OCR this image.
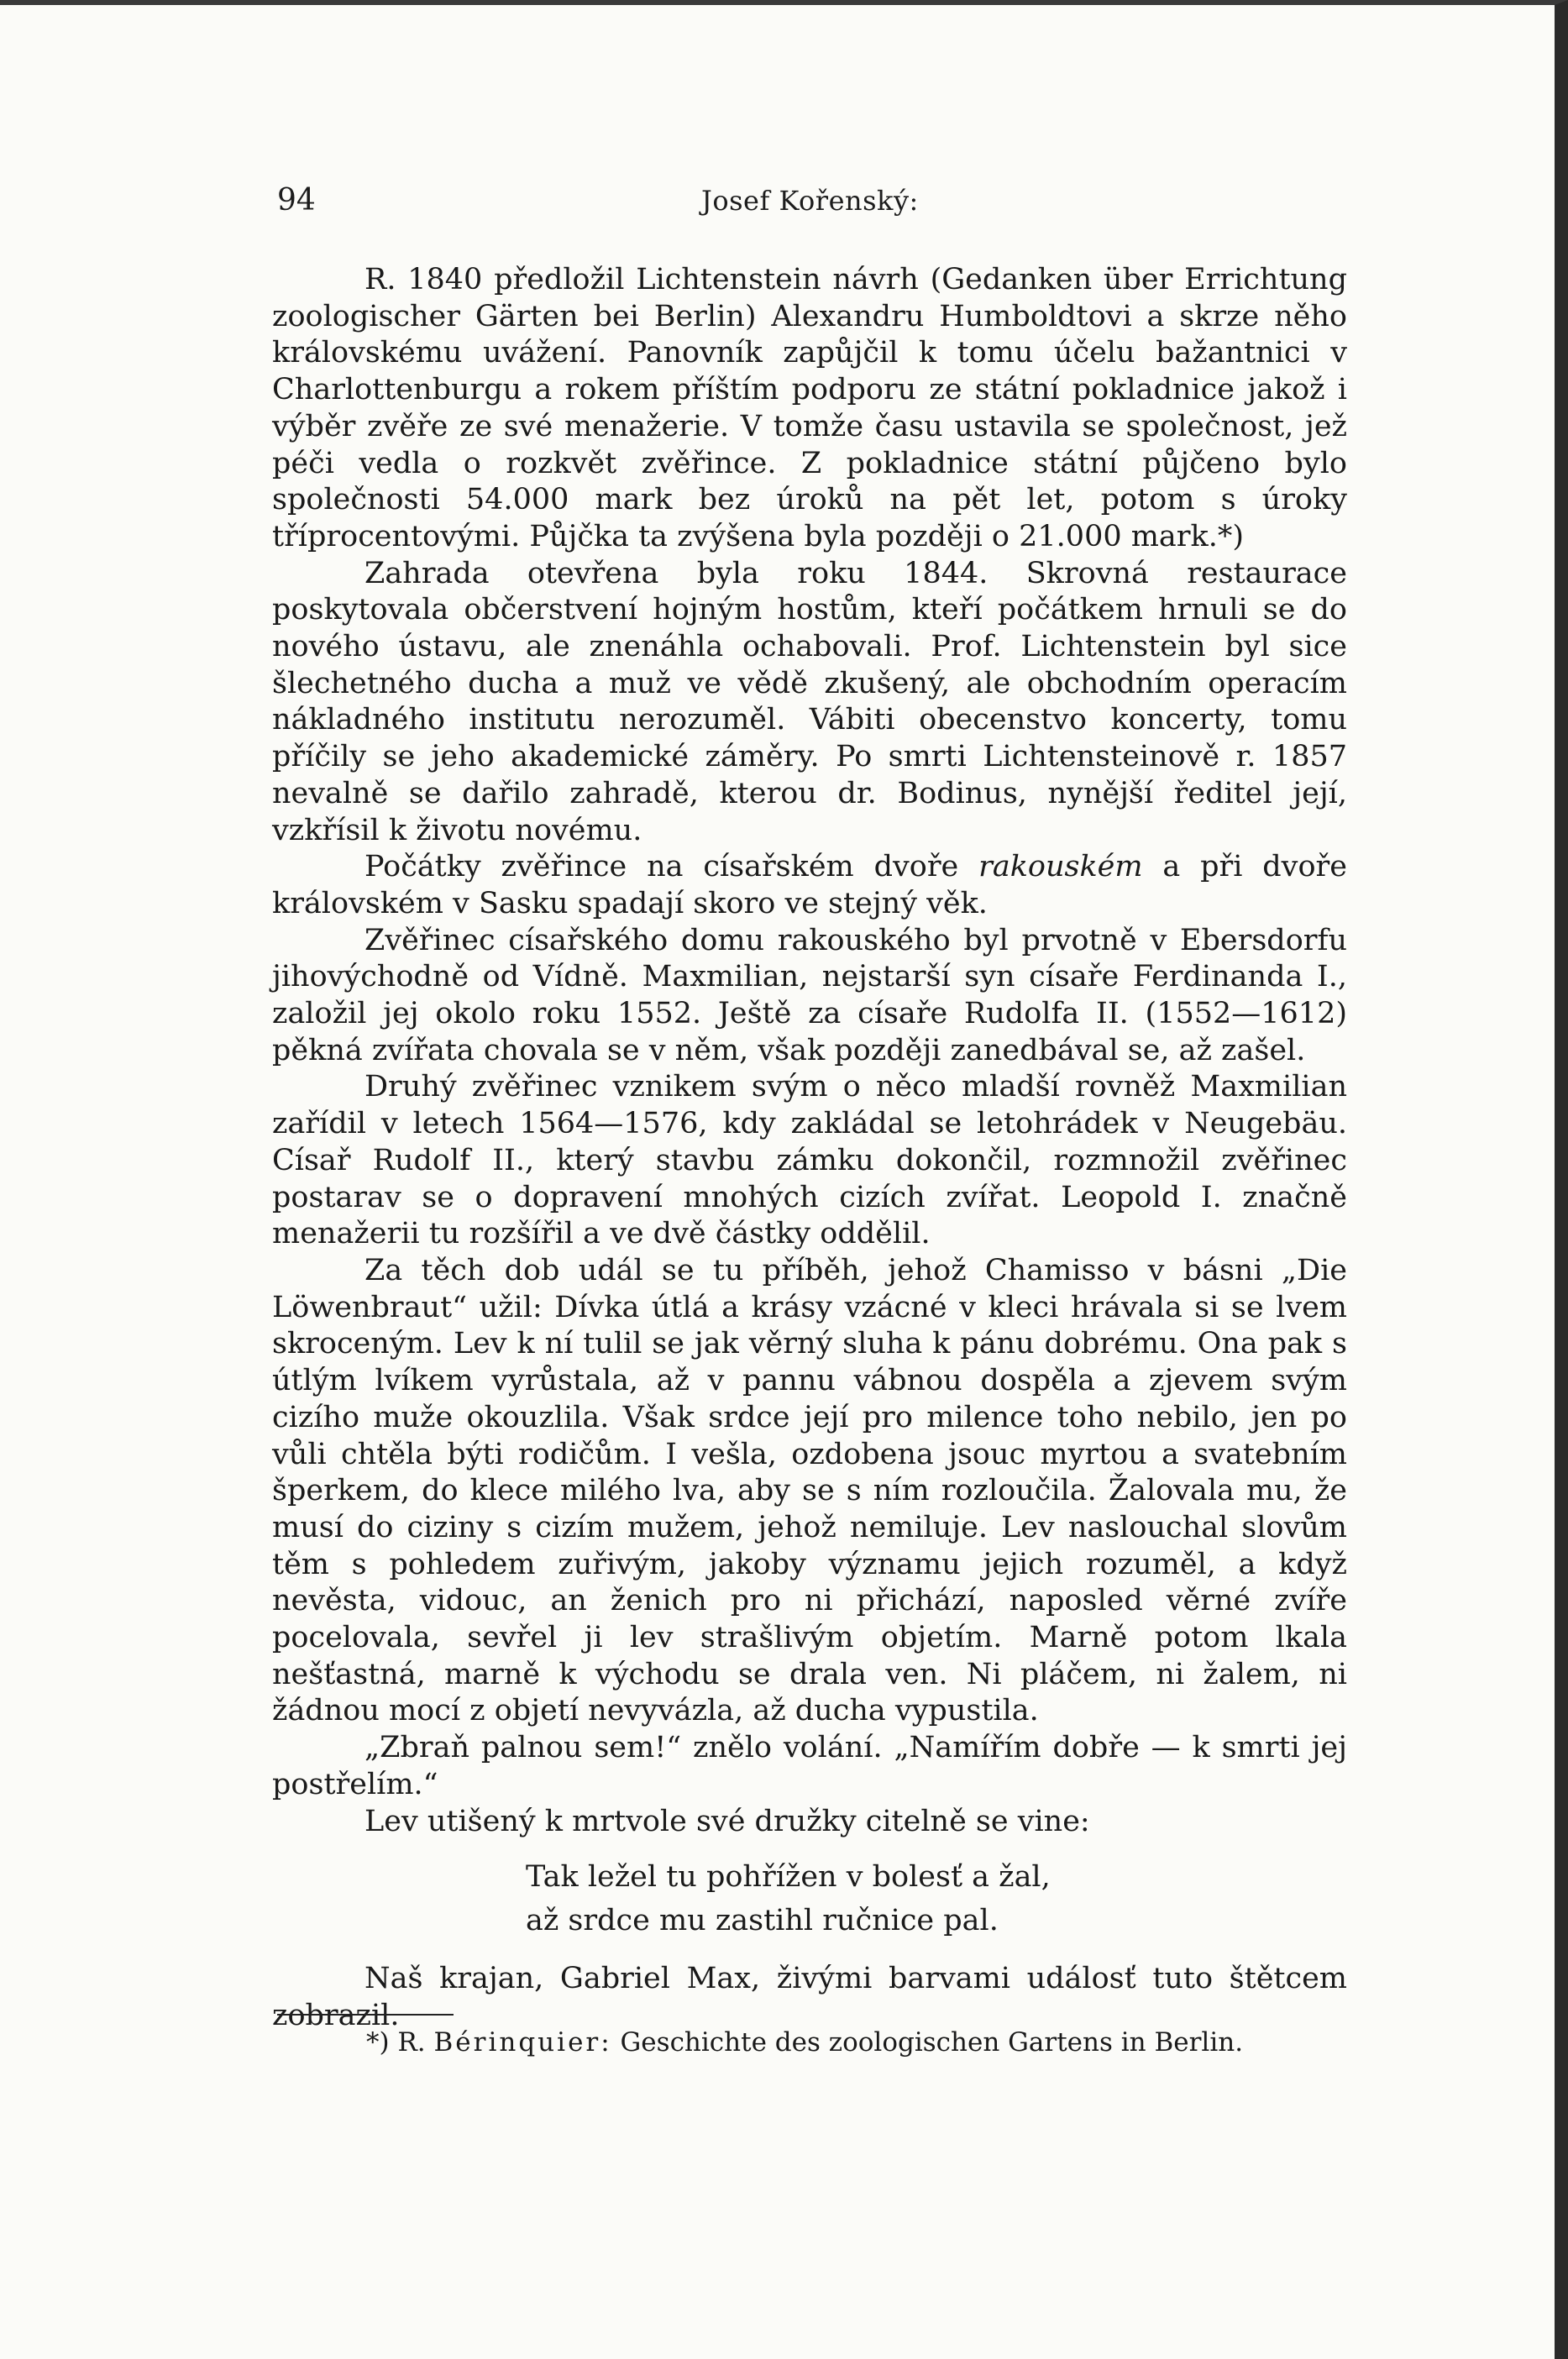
94	Josef Kořenský:

R. 1840 předložil Lichtenstein návrh (Gedanken über Errichtung zoologischer Gärten bei Berlin) Alexandru Humboldtovi a skrze něho královskému uvážení. Panovník zapůjčil k tomu účelu bažantnici v Charlottenburgu a rokem příštím podporu ze státní pokladnice jakož i výběr zvěře ze své menažerie. V tomže času ustavila se společnost, jež péči vedla o rozkvět zvěřince. Z pokladnice státní půjčeno bylo společnosti 54.000 mark bez úroků na pět let, potom s úroky tříprocentovými. Půjčka ta zvýšena byla později o 21.000 mark.*)

Zahrada otevřena byla roku 1844. Skrovná restaurace poskytovala občerstvení hojným hostům, kteří počátkem hrnuli se do nového ústavu, ale znenáhla ochabovali. Prof. Lichtenstein byl sice šlechetného ducha a muž ve vědě zkušený, ale obchodním operacím nákladného institutu nerozuměl. Vábiti obecenstvo koncerty, tomu příčily se jeho akademické záměry. Po smrti Lichtensteinově r. 1857 nevalně se dařilo zahradě, kterou dr. Bodinus, nynější ředitel její, vzkřísil k životu novému.

Počátky zvěřince na císařském dvoře rakouském a při dvoře královském v Sasku spadají skoro ve stejný věk.

Zvěřinec císařského domu rakouského byl prvotně v Ebersdorfu jihovýchodně od Vídně. Maxmilian, nejstarší syn císaře Ferdinanda I., založil jej okolo roku 1552. Ještě za císaře Rudolfa II. (1552—1612) pěkná zvířata chovala se v něm, však později zanedbával se, až zašel.

Druhý zvěřinec vznikem svým o něco mladší rovněž Maxmilian zařídil v letech 1564—1576, kdy zakládal se letohrádek v Neugebäu. Císař Rudolf II., který stavbu zámku dokončil, rozmnožil zvěřinec postarav se o dopravení mnohých cizích zvířat. Leopold I. značně menažerii tu rozšířil a ve dvě částky oddělil.

Za těch dob udál se tu příběh, jehož Chamisso v básni „Die Löwenbraut“ užil: Dívka útlá a krásy vzácné v kleci hrávala si se lvem skroceným. Lev k ní tulil se jak věrný sluha k pánu dobrému. Ona pak s útlým lvíkem vyrůstala, až v pannu vábnou dospěla a zjevem svým cizího muže okouzlila. Však srdce její pro milence toho nebilo, jen po vůli chtěla býti rodičům. I vešla, ozdobena jsouc myrtou a svatebním šperkem, do klece milého lva, aby se s ním rozloučila. Žalovala mu, že musí do ciziny s cizím mužem, jehož nemiluje. Lev naslouchal slovům těm s pohledem zuřivým, jakoby významu jejich rozuměl, a když nevěsta, vidouc, an ženich pro ni přichází, naposled věrné zvíře pocelovala, sevřel ji lev strašlivým objetím. Marně potom lkala nešťastná, marně k východu se drala ven. Ni pláčem, ni žalem, ni žádnou mocí z objetí nevyvázla, až ducha vypustila.

„Zbraň palnou sem!“ znělo volání. „Namířím dobře — k smrti jej postřelím.“

Lev utišený k mrtvole své družky citelně se vine:

Tak ležel tu pohřížen v bolesť a žal,
až srdce mu zastihl ručnice pal.

Naš krajan, Gabriel Max, živými barvami událosť tuto štětcem zobrazil.

*) R. Bérinquier: Geschichte des zoologischen Gartens in Berlin.
